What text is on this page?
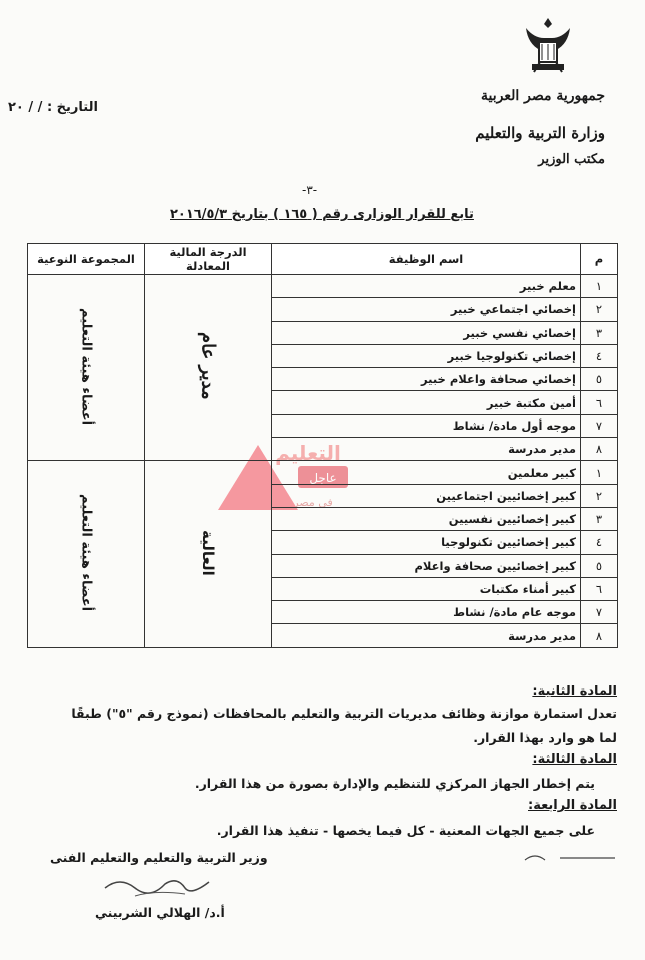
جمهورية مصر العربية
وزارة التربية والتعليم
مكتب الوزير
التاريخ : / / ٢٠
-٣-
تابع للقرار الوزارى رقم ( ١٦٥ ) بتاريخ ٢٠١٦/٥/٣
عاجل
التعليم
فى مصر
م	اسم الوظيفة	الدرجة المالية المعادلة	المجموعة النوعية
١	معلم خبير	مدير عام	أعضاء هيئة التعليم
٢	إخصائي اجتماعي خبير		
٣	إخصائي نفسي خبير		
٤	إخصائي تكنولوجيا خبير		
٥	إخصائي صحافة واعلام خبير		
٦	أمين مكتبة خبير		
٧	موجه أول مادة/ نشاط		
٨	مدير مدرسة		
١	كبير معلمين	العالية	أعضاء هيئة التعليم
٢	كبير إخصائيين اجتماعيين		
٣	كبير إخصائيين نفسيين		
٤	كبير إخصائيين تكنولوجيا		
٥	كبير إخصائيين صحافة واعلام		
٦	كبير أمناء مكتبات		
٧	موجه عام مادة/ نشاط		
٨	مدير مدرسة		
المادة الثانية:
تعدل استمارة موازنة وظائف مديريات التربية والتعليم بالمحافظات (نموذج رقم "٥") طبقًا
لما هو وارد بهذا القرار.
المادة الثالثة:
يتم إخطار الجهاز المركزي للتنظيم والإدارة بصورة من هذا القرار.
المادة الرابعة:
على جميع الجهات المعنية - كل فيما يخصها - تنفيذ هذا القرار.
وزير التربية والتعليم والتعليم الفنى
أ.د/ الهلالي الشربيني
